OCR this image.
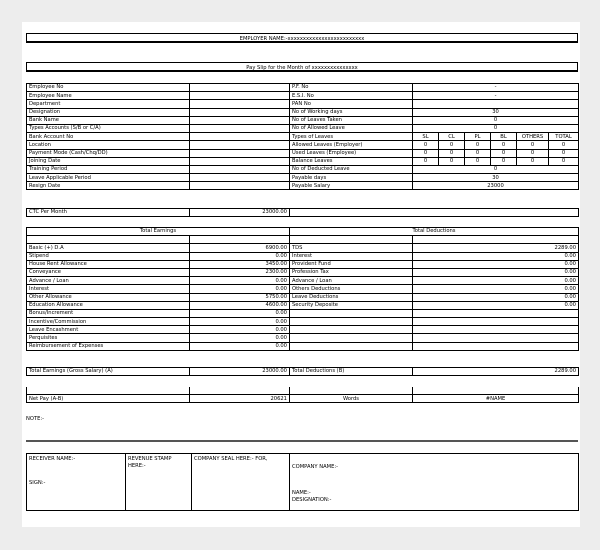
EMPLOYER NAME:-xxxxxxxxxxxxxxxxxxxxxxxxx
Pay Slip for the Month of xxxxxxxxxxxxxxx
Employee No		P.F. No	-					
Employee Name		E.S.I. No	-					
Department		PAN No						
Designation		No of Working days	30					
Bank Name		No of Leaves Taken	0					
Types Accounts (S/B or C/A)		No of Allowed Leave	0					
Bank Account No		Types of Leaves	SL	CL	PL	BL	OTHERS	TOTAL
Location		Allowed Leaves (Employer)	0	0	0	0	0	0
Payment Mode (Cash/Chq/DD)		Used Leaves (Employee)	0	0	0	0	0	0
Joining Date		Balance Leaves	0	0	0	0	0	0
Training Period		No of Deducted Leave	0					
Leave Applicable Period		Payable days	30					
Resign Date		Payable Salary	23000					
CTC Per Month	23000.00	
Total Earnings		Total Deductions	

Basic (+) D.A	6900.00	TDS	2289.00
Stipend	0.00	Interest	0.00
House Rent Allowance	3450.00	Provident Fund	0.00
Conveyance	2300.00	Profession Tax	0.00
Advance / Loan	0.00	Advance / Loan	0.00
Interest	0.00	Others Deductions	0.00
Other Allowance	5750.00	Leave Deductions	0.00
Education Allowance	4600.00	Security Deposite	0.00
Bonus/Increment	0.00		
Incentive/Commission	0.00		
Leave Encashment	0.00		
Perquisites	0.00		
Reimbursement of Expenses	0.00		
Total Earnings (Gross Salary) (A)	23000.00	Total Deductions (B)	2289.00

Net Pay (A-B)	20621	Words	#NAME
NOTE:-
RECEIVER NAME:-
SIGN:-

REVENUE STAMP HERE:-

COMPANY SEAL HERE:- FOR,

COMPANY NAME:-
NAME:-
DESIGNATION:-
